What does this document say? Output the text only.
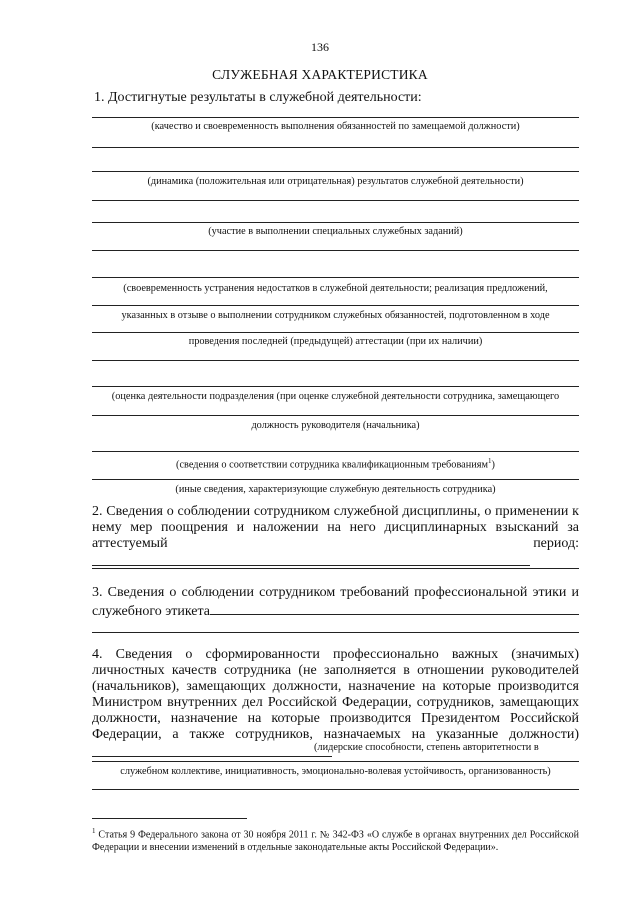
136
СЛУЖЕБНАЯ ХАРАКТЕРИСТИКА
1. Достигнутые результаты в служебной деятельности:
(качество и своевременность выполнения обязанностей по замещаемой должности)
(динамика (положительная или отрицательная) результатов служебной деятельности)
(участие в выполнении специальных служебных заданий)
(своевременность устранения недостатков в служебной деятельности; реализация предложений,
указанных в отзыве о выполнении сотрудником служебных обязанностей, подготовленном в ходе
проведения последней (предыдущей) аттестации (при их наличии)
(оценка деятельности подразделения (при оценке служебной деятельности сотрудника, замещающего
должность руководителя (начальника)
(сведения о соответствии сотрудника квалификационным требованиям$^1$)
(иные сведения, характеризующие служебную деятельность сотрудника)
2. Сведения о соблюдении сотрудником служебной дисциплины, о применении к нему мер поощрения и наложении на него дисциплинарных взысканий за аттестуемый	период:
3. Сведения о соблюдении сотрудником требований профессиональной этики и служебного этикета
4. Сведения о сформированности профессионально важных (значимых) личностных качеств сотрудника (не заполняется в отношении руководителей (начальников), замещающих должности, назначение на которые производится Министром внутренних дел Российской Федерации, сотрудников, замещающих должности, назначение на которые производится Президентом Российской Федерации, а также сотрудников, назначаемых на указанные должности)
(лидерские способности, степень авторитетности в
служебном коллективе, инициативность, эмоционально-волевая устойчивость, организованность)
$^1$ Статья 9 Федерального закона от 30 ноября 2011 г. № 342-ФЗ «О службе в органах внутренних дел Российской Федерации и внесении изменений в отдельные законодательные акты Российской Федерации».
